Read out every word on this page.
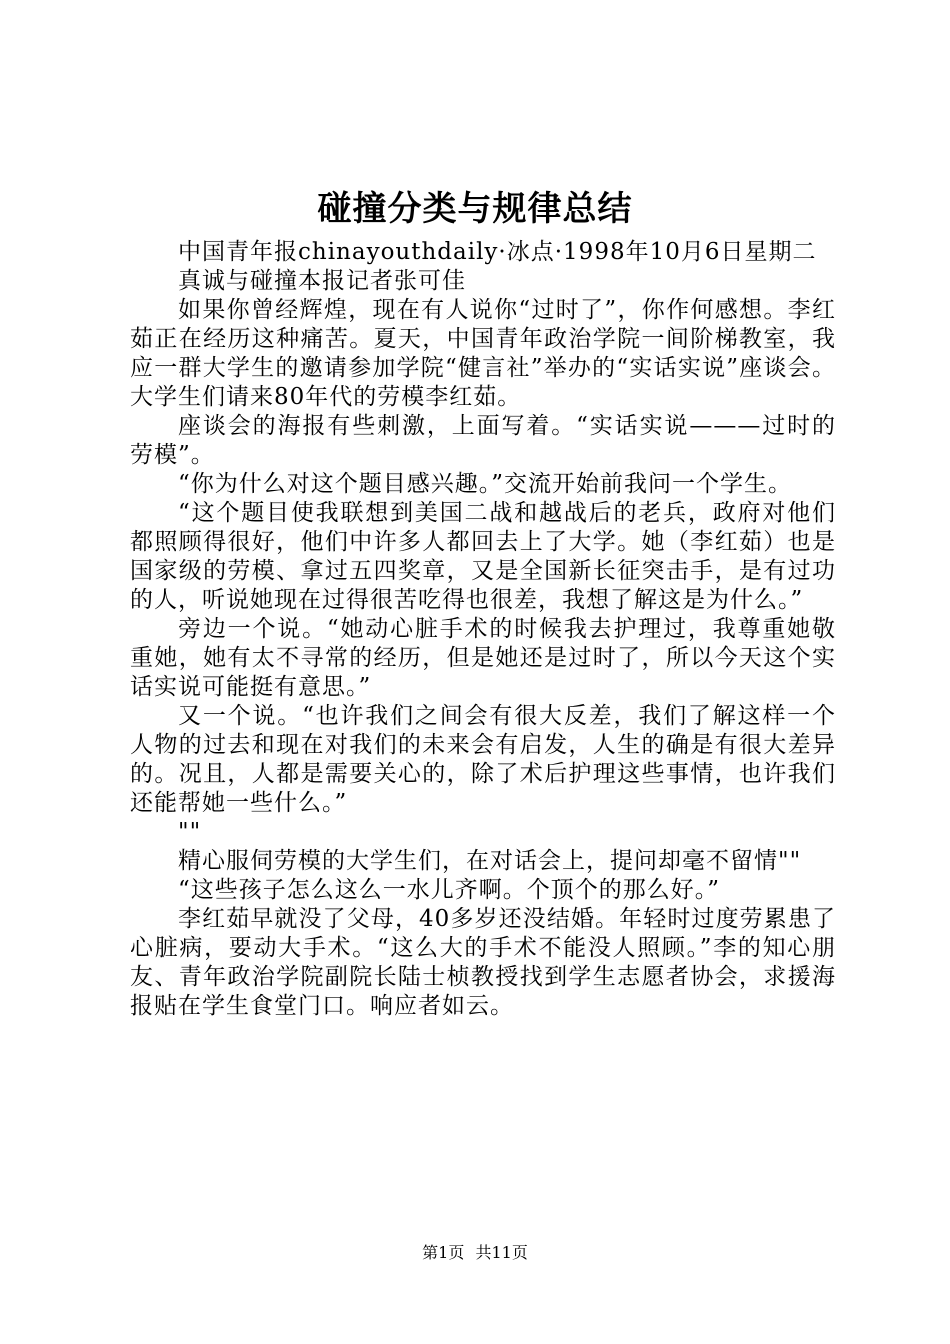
碰撞分类与规律总结

中国青年报chinayouthdaily·冰点·1998年10月6日星期二

真诚与碰撞本报记者张可佳

如果你曾经辉煌，现在有人说你“过时了”，你作何感想。李红茹正在经历这种痛苦。夏天，中国青年政治学院一间阶梯教室，我应一群大学生的邀请参加学院“健言社”举办的“实话实说”座谈会。大学生们请来80年代的劳模李红茹。

座谈会的海报有些刺激，上面写着。“实话实说———过时的劳模”。

“你为什么对这个题目感兴趣。”交流开始前我问一个学生。

“这个题目使我联想到美国二战和越战后的老兵，政府对他们都照顾得很好，他们中许多人都回去上了大学。她（李红茹）也是国家级的劳模、拿过五四奖章，又是全国新长征突击手，是有过功的人，听说她现在过得很苦吃得也很差，我想了解这是为什么。”

旁边一个说。“她动心脏手术的时候我去护理过，我尊重她敬重她，她有太不寻常的经历，但是她还是过时了，所以今天这个实话实说可能挺有意思。”

又一个说。“也许我们之间会有很大反差，我们了解这样一个人物的过去和现在对我们的未来会有启发，人生的确是有很大差异的。况且，人都是需要关心的，除了术后护理这些事情，也许我们还能帮她一些什么。”

""

精心服伺劳模的大学生们，在对话会上，提问却毫不留情""

“这些孩子怎么这么一水儿齐啊。个顶个的那么好。”

李红茹早就没了父母，40多岁还没结婚。年轻时过度劳累患了心脏病，要动大手术。“这么大的手术不能没人照顾。”李的知心朋友、青年政治学院副院长陆士桢教授找到学生志愿者协会，求援海报贴在学生食堂门口。响应者如云。

第1页 共11页
